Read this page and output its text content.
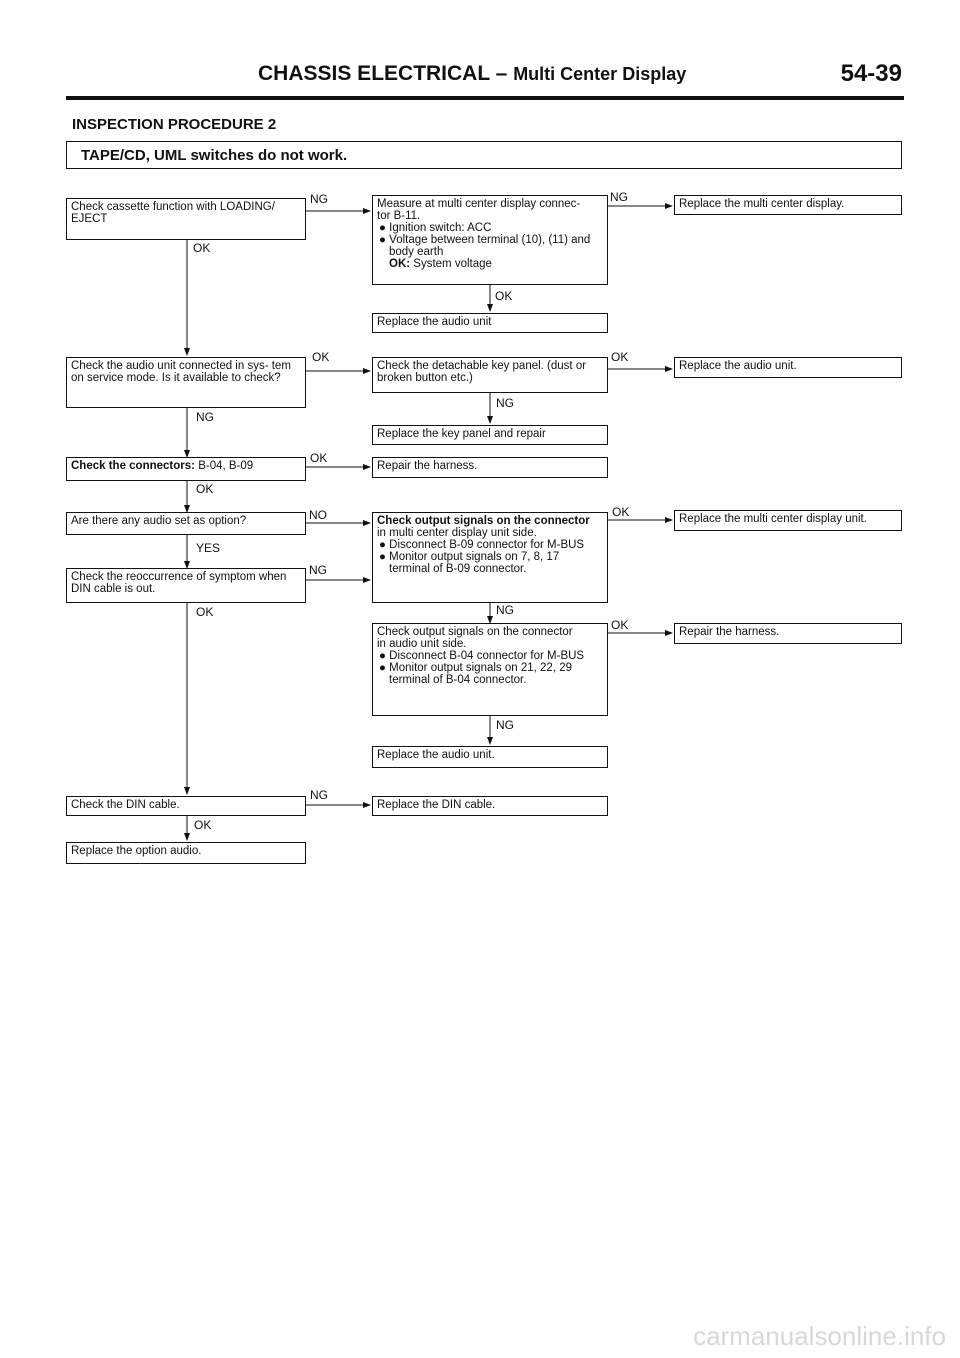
CHASSIS ELECTRICAL – Multi Center Display	54-39
INSPECTION PROCEDURE 2
TAPE/CD, UML switches do not work.
Check cassette function with LOADING/ EJECT
Measure at multi center display connec-
tor B-11.
● Ignition switch: ACC
● Voltage between terminal (10), (11) and body earth
OK: System voltage
Replace the multi center display.
Replace the audio unit
Check the audio unit connected in sys- tem on service mode. Is it available to check?
Check the detachable key panel. (dust or broken button etc.)
Replace the audio unit.
Replace the key panel and repair
Check the connectors: B-04, B-09	Repair the harness.
Are there any audio set as option?	Check output signals on the connector
in multi center display unit side.
● Disconnect B-09 connector for M-BUS
● Monitor output signals on 7, 8, 17 terminal of B-09 connector.
Replace the multi center display unit.
Check the reoccurrence of symptom when DIN cable is out.
Check output signals on the connector
in audio unit side.
● Disconnect B-04 connector for M-BUS
● Monitor output signals on 21, 22, 29 terminal of B-04 connector.
Repair the harness.
Replace the audio unit.
Check the DIN cable.	Replace the DIN cable.
Replace the option audio.
NG
OK
NG
OK
OK	OK
NG
NG
OK
OK
NO
YES
OK
NG
OK	NG
OK
NG
NG
OK
carmanualsonline.info
